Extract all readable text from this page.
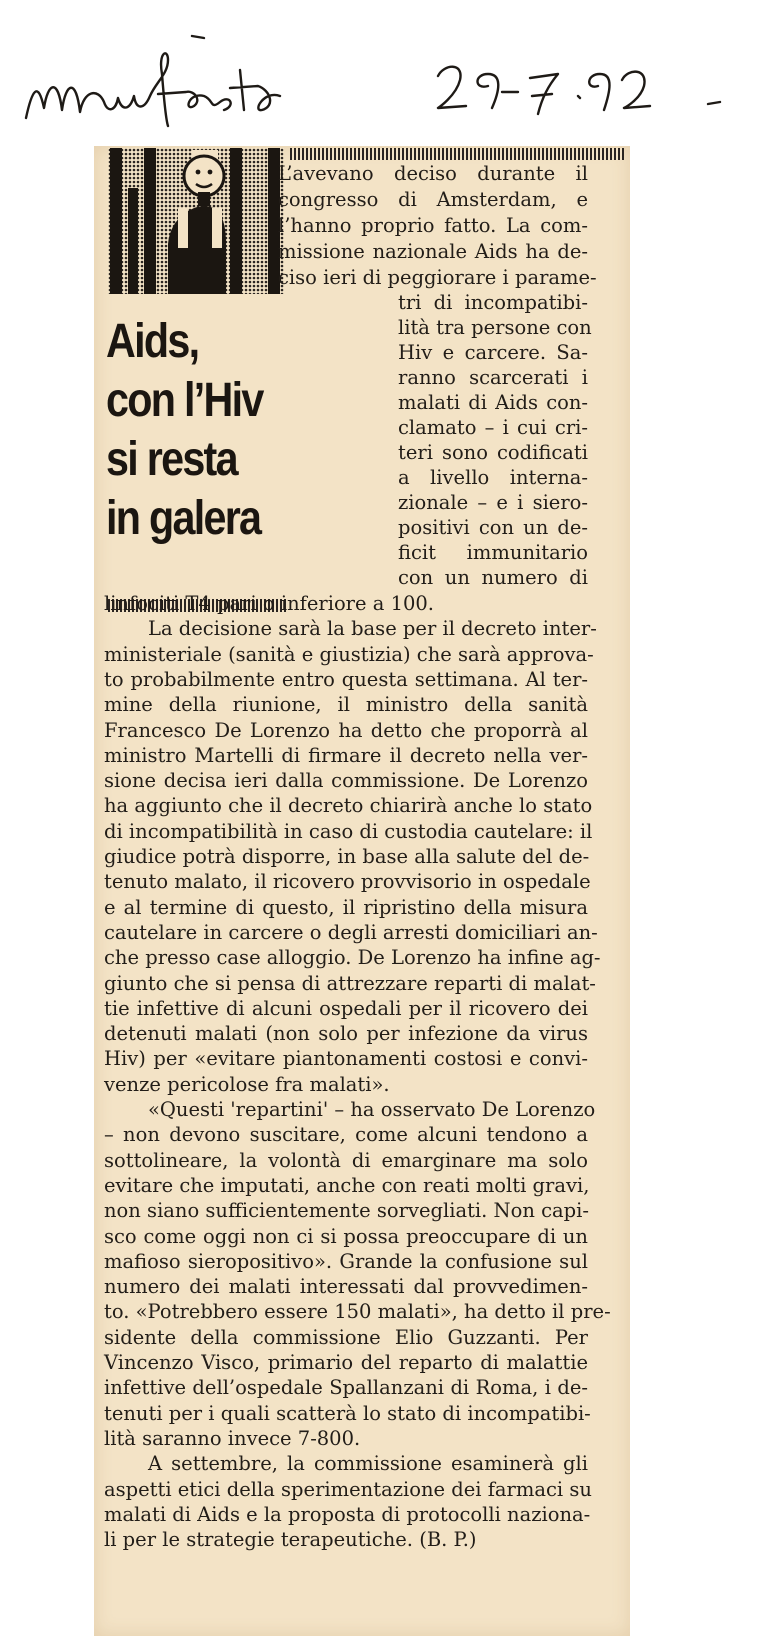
Aids,
con l’Hiv
si resta
in galera
L’avevano deciso durante il
congresso di Amsterdam, e
l’hanno proprio fatto. La com-
missione nazionale Aids ha de-
ciso ieri di peggiorare i parame-
tri di incompatibi-
lità tra persone con
Hiv e carcere. Sa-
ranno scarcerati i
malati di Aids con-
clamato – i cui cri-
teri sono codificati
a livello interna-
zionale – e i siero-
positivi con un de-
ficit immunitario
con un numero di
linfociti T4 pari o inferiore a 100.
La decisione sarà la base per il decreto inter-
ministeriale (sanità e giustizia) che sarà approva-
to probabilmente entro questa settimana. Al ter-
mine della riunione, il ministro della sanità
Francesco De Lorenzo ha detto che proporrà al
ministro Martelli di firmare il decreto nella ver-
sione decisa ieri dalla commissione. De Lorenzo
ha aggiunto che il decreto chiarirà anche lo stato
di incompatibilità in caso di custodia cautelare: il
giudice potrà disporre, in base alla salute del de-
tenuto malato, il ricovero provvisorio in ospedale
e al termine di questo, il ripristino della misura
cautelare in carcere o degli arresti domiciliari an-
che presso case alloggio. De Lorenzo ha infine ag-
giunto che si pensa di attrezzare reparti di malat-
tie infettive di alcuni ospedali per il ricovero dei
detenuti malati (non solo per infezione da virus
Hiv) per «evitare piantonamenti costosi e convi-
venze pericolose fra malati».
«Questi 'repartini' – ha osservato De Lorenzo
– non devono suscitare, come alcuni tendono a
sottolineare, la volontà di emarginare ma solo
evitare che imputati, anche con reati molti gravi,
non siano sufficientemente sorvegliati. Non capi-
sco come oggi non ci si possa preoccupare di un
mafioso sieropositivo». Grande la confusione sul
numero dei malati interessati dal provvedimen-
to. «Potrebbero essere 150 malati», ha detto il pre-
sidente della commissione Elio Guzzanti. Per
Vincenzo Visco, primario del reparto di malattie
infettive dell’ospedale Spallanzani di Roma, i de-
tenuti per i quali scatterà lo stato di incompatibi-
lità saranno invece 7-800.
A settembre, la commissione esaminerà gli
aspetti etici della sperimentazione dei farmaci su
malati di Aids e la proposta di protocolli naziona-
li per le strategie terapeutiche. (B. P.)
